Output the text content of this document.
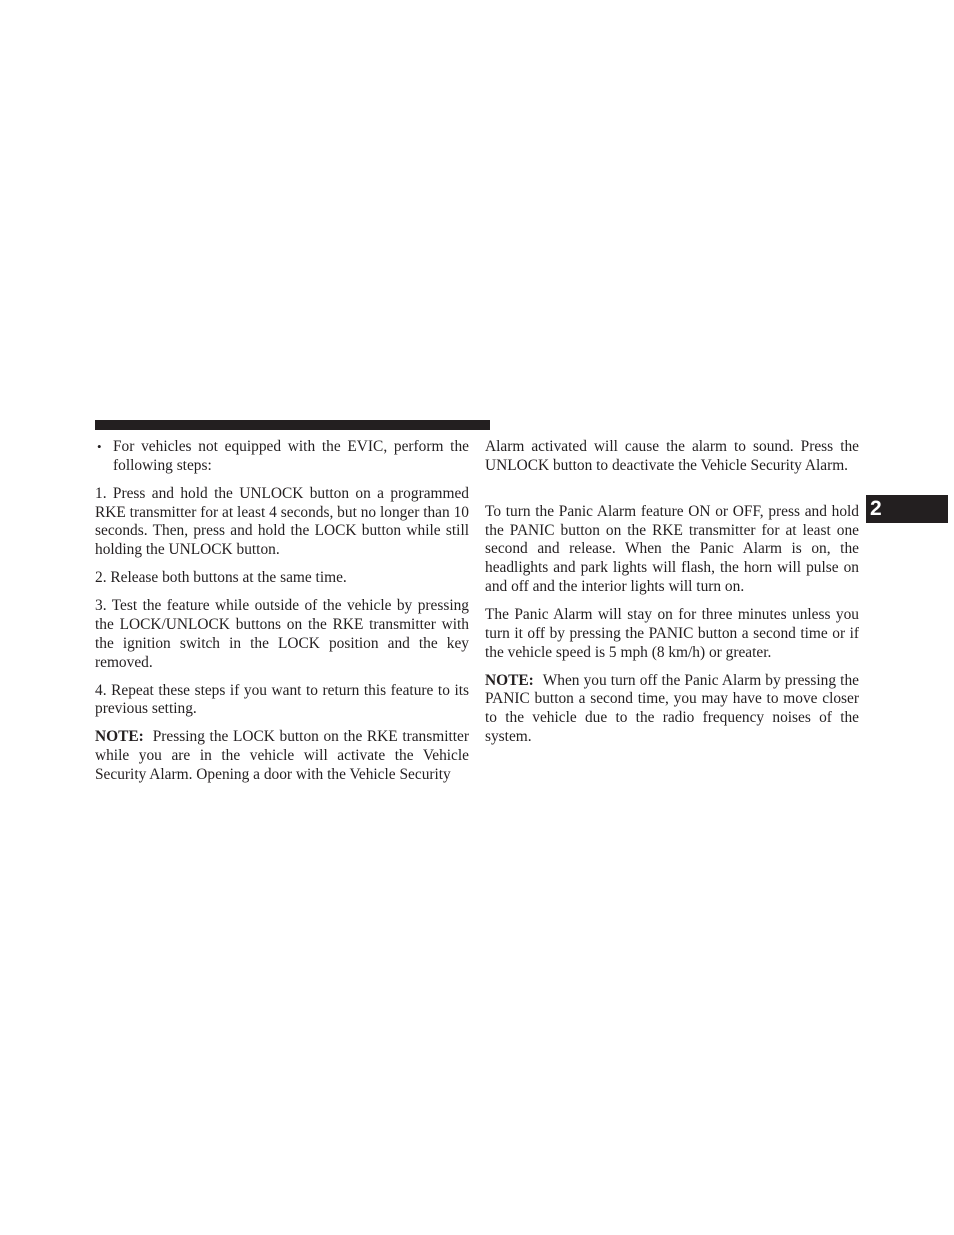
• For vehicles not equipped with the EVIC, perform the following steps:

1. Press and hold the UNLOCK button on a programmed RKE transmitter for at least 4 seconds, but no longer than 10 seconds. Then, press and hold the LOCK button while still holding the UNLOCK button.

2. Release both buttons at the same time.

3. Test the feature while outside of the vehicle by pressing the LOCK/UNLOCK buttons on the RKE transmitter with the ignition switch in the LOCK position and the key removed.

4. Repeat these steps if you want to return this feature to its previous setting.

NOTE: Pressing the LOCK button on the RKE transmitter while you are in the vehicle will activate the Vehicle Security Alarm. Opening a door with the Vehicle Security

Alarm activated will cause the alarm to sound. Press the UNLOCK button to deactivate the Vehicle Security Alarm.

To turn the Panic Alarm feature ON or OFF, press and hold the PANIC button on the RKE transmitter for at least one second and release. When the Panic Alarm is on, the headlights and park lights will flash, the horn will pulse on and off and the interior lights will turn on.

The Panic Alarm will stay on for three minutes unless you turn it off by pressing the PANIC button a second time or if the vehicle speed is 5 mph (8 km/h) or greater.

NOTE: When you turn off the Panic Alarm by pressing the PANIC button a second time, you may have to move closer to the vehicle due to the radio frequency noises of the system.

2
